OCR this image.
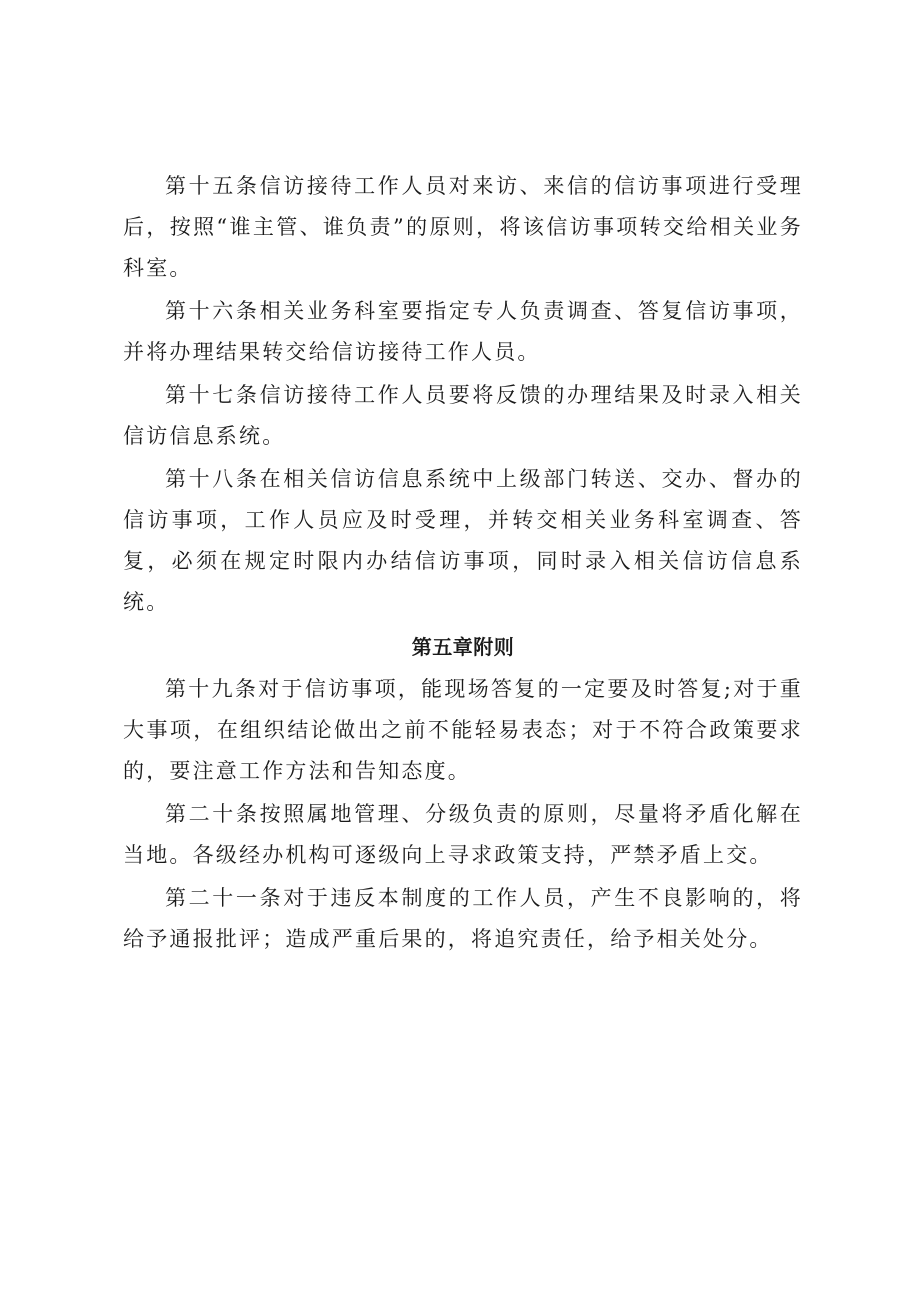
第十五条信访接待工作人员对来访、来信的信访事项进行受理后，按照“谁主管、谁负责”的原则，将该信访事项转交给相关业务科室。

第十六条相关业务科室要指定专人负责调查、答复信访事项，并将办理结果转交给信访接待工作人员。

第十七条信访接待工作人员要将反馈的办理结果及时录入相关信访信息系统。

第十八条在相关信访信息系统中上级部门转送、交办、督办的信访事项，工作人员应及时受理，并转交相关业务科室调查、答复，必须在规定时限内办结信访事项，同时录入相关信访信息系统。

第五章附则

第十九条对于信访事项，能现场答复的一定要及时答复;对于重大事项，在组织结论做出之前不能轻易表态；对于不符合政策要求的，要注意工作方法和告知态度。

第二十条按照属地管理、分级负责的原则，尽量将矛盾化解在当地。各级经办机构可逐级向上寻求政策支持，严禁矛盾上交。

第二十一条对于违反本制度的工作人员，产生不良影响的，将给予通报批评；造成严重后果的，将追究责任，给予相关处分。
